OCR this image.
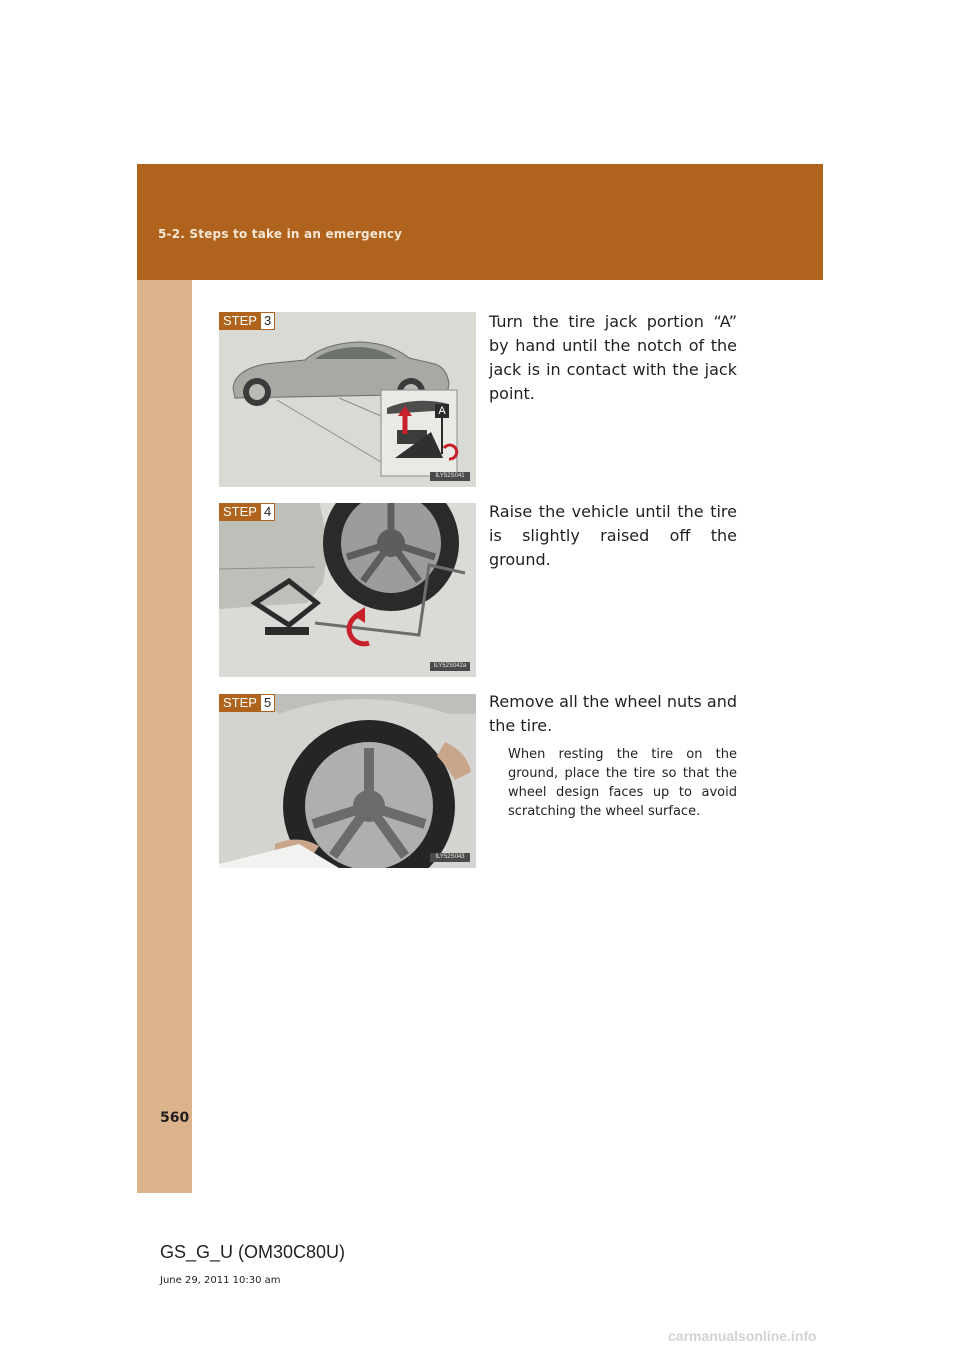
5-2. Steps to take in an emergency
STEP 3
A
ILY52S041

Turn the tire jack portion “A” by hand until the notch of the jack is in contact with the jack point.

STEP 4
ILY52S042a

Raise the vehicle until the tire is slightly raised off the ground.

STEP 5
ILY52S043

Remove all the wheel nuts and the tire.

When resting the tire on the ground, place the tire so that the wheel design faces up to avoid scratching the wheel surface.

560
GS_G_U (OM30C80U)
June 29, 2011 10:30 am
carmanualsonline.info
